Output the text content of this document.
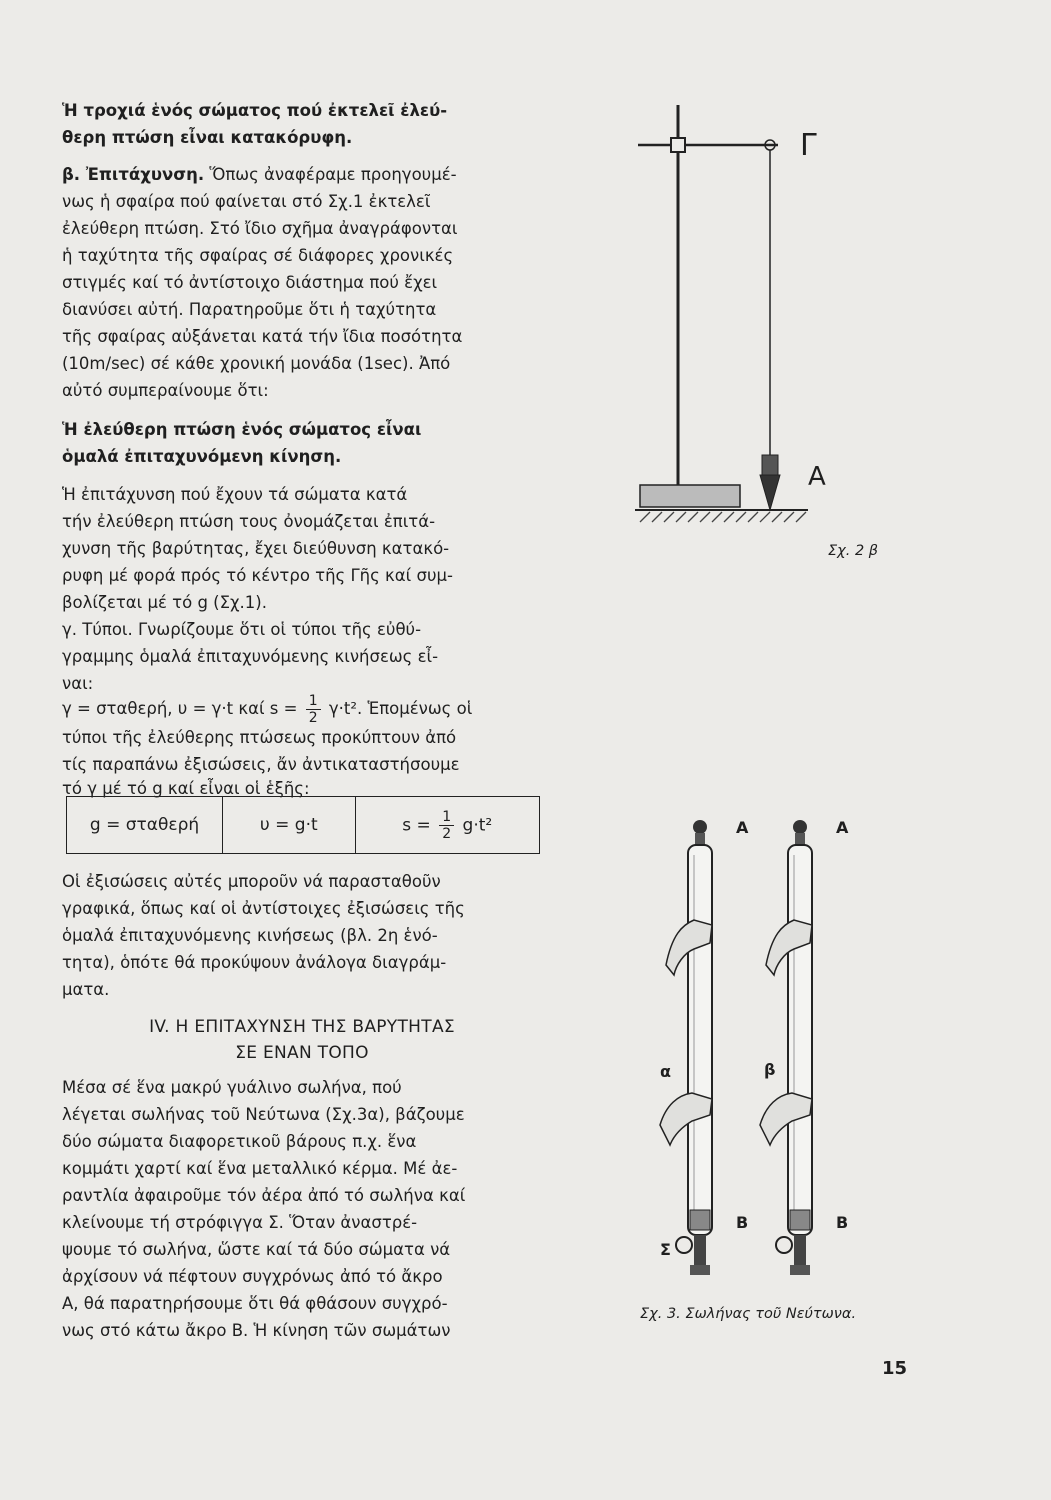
Ἡ τροχιά ἑνός σώματος πού ἐκτελεῖ ἐλεύ-
θερη πτώση εἶναι κατακόρυφη.
β. Ἐπιτάχυνση. Ὅπως ἀναφέραμε προηγουμέ-
νως ἡ σφαίρα πού φαίνεται στό Σχ.1 ἐκτελεῖ
ἐλεύθερη πτώση. Στό ἴδιο σχῆμα ἀναγράφονται
ἡ ταχύτητα τῆς σφαίρας σέ διάφορες χρονικές
στιγμές καί τό ἀντίστοιχο διάστημα πού ἔχει
διανύσει αὐτή. Παρατηροῦμε ὅτι ἡ ταχύτητα
τῆς σφαίρας αὐξάνεται κατά τήν ἴδια ποσότητα
(10m/sec) σέ κάθε χρονική μονάδα (1sec). Ἀπό
αὐτό συμπεραίνουμε ὅτι:
Ἡ ἐλεύθερη πτώση ἑνός σώματος εἶναι
ὁμαλά ἐπιταχυνόμενη κίνηση.
Ἡ ἐπιτάχυνση πού ἔχουν τά σώματα κατά
τήν ἐλεύθερη πτώση τους ὀνομάζεται ἐπιτά-
χυνση τῆς βαρύτητας, ἔχει διεύθυνση κατακό-
ρυφη μέ φορά πρός τό κέντρο τῆς Γῆς καί συμ-
βολίζεται μέ τό g (Σχ.1).
γ. Τύποι. Γνωρίζουμε ὅτι οἱ τύποι τῆς εὐθύ-
γραμμης ὁμαλά ἐπιταχυνόμενης κινήσεως εἶ-
ναι:
γ = σταθερή, υ = γ·t καί $s = \frac{1}{2} \gamma\cdot t^2$. Ἑπομένως οἱ
τύποι τῆς ἐλεύθερης πτώσεως προκύπτουν ἀπό
τίς παραπάνω ἐξισώσεις, ἄν ἀντικαταστήσουμε
τό γ μέ τό g καί εἶναι οἱ ἑξῆς:
g = σταθερή	υ = g·t	$s = \frac{1}{2} g\cdot t^2$
Οἱ ἐξισώσεις αὐτές μποροῦν νά παρασταθοῦν
γραφικά, ὅπως καί οἱ ἀντίστοιχες ἐξισώσεις τῆς
ὁμαλά ἐπιταχυνόμενης κινήσεως (βλ. 2η ἑνό-
τητα), ὁπότε θά προκύψουν ἀνάλογα διαγράμ-
ματα.
IV. Η ΕΠΙΤΑΧΥΝΣΗ ΤΗΣ ΒΑΡΥΤΗΤΑΣ
ΣΕ ΕΝΑΝ ΤΟΠΟ
Μέσα σέ ἕνα μακρύ γυάλινο σωλήνα, πού
λέγεται σωλήνας τοῦ Νεύτωνα (Σχ.3α), βάζουμε
δύο σώματα διαφορετικοῦ βάρους π.χ. ἕνα
κομμάτι χαρτί καί ἕνα μεταλλικό κέρμα. Μέ ἀε-
ραντλία ἀφαιροῦμε τόν ἀέρα ἀπό τό σωλήνα καί
κλείνουμε τή στρόφιγγα Σ. Ὅταν ἀναστρέ-
ψουμε τό σωλήνα, ὥστε καί τά δύο σώματα νά
ἀρχίσουν νά πέφτουν συγχρόνως ἀπό τό ἄκρο
Α, θά παρατηρήσουμε ὅτι θά φθάσουν συγχρό-
νως στό κάτω ἄκρο Β. Ἡ κίνηση τῶν σωμάτων
Γ
Α
Σχ. 2 β
Α	Α
α	β
Β	Β
Σ
Σχ. 3. Σωλήνας τοῦ Νεύτωνα.
15
